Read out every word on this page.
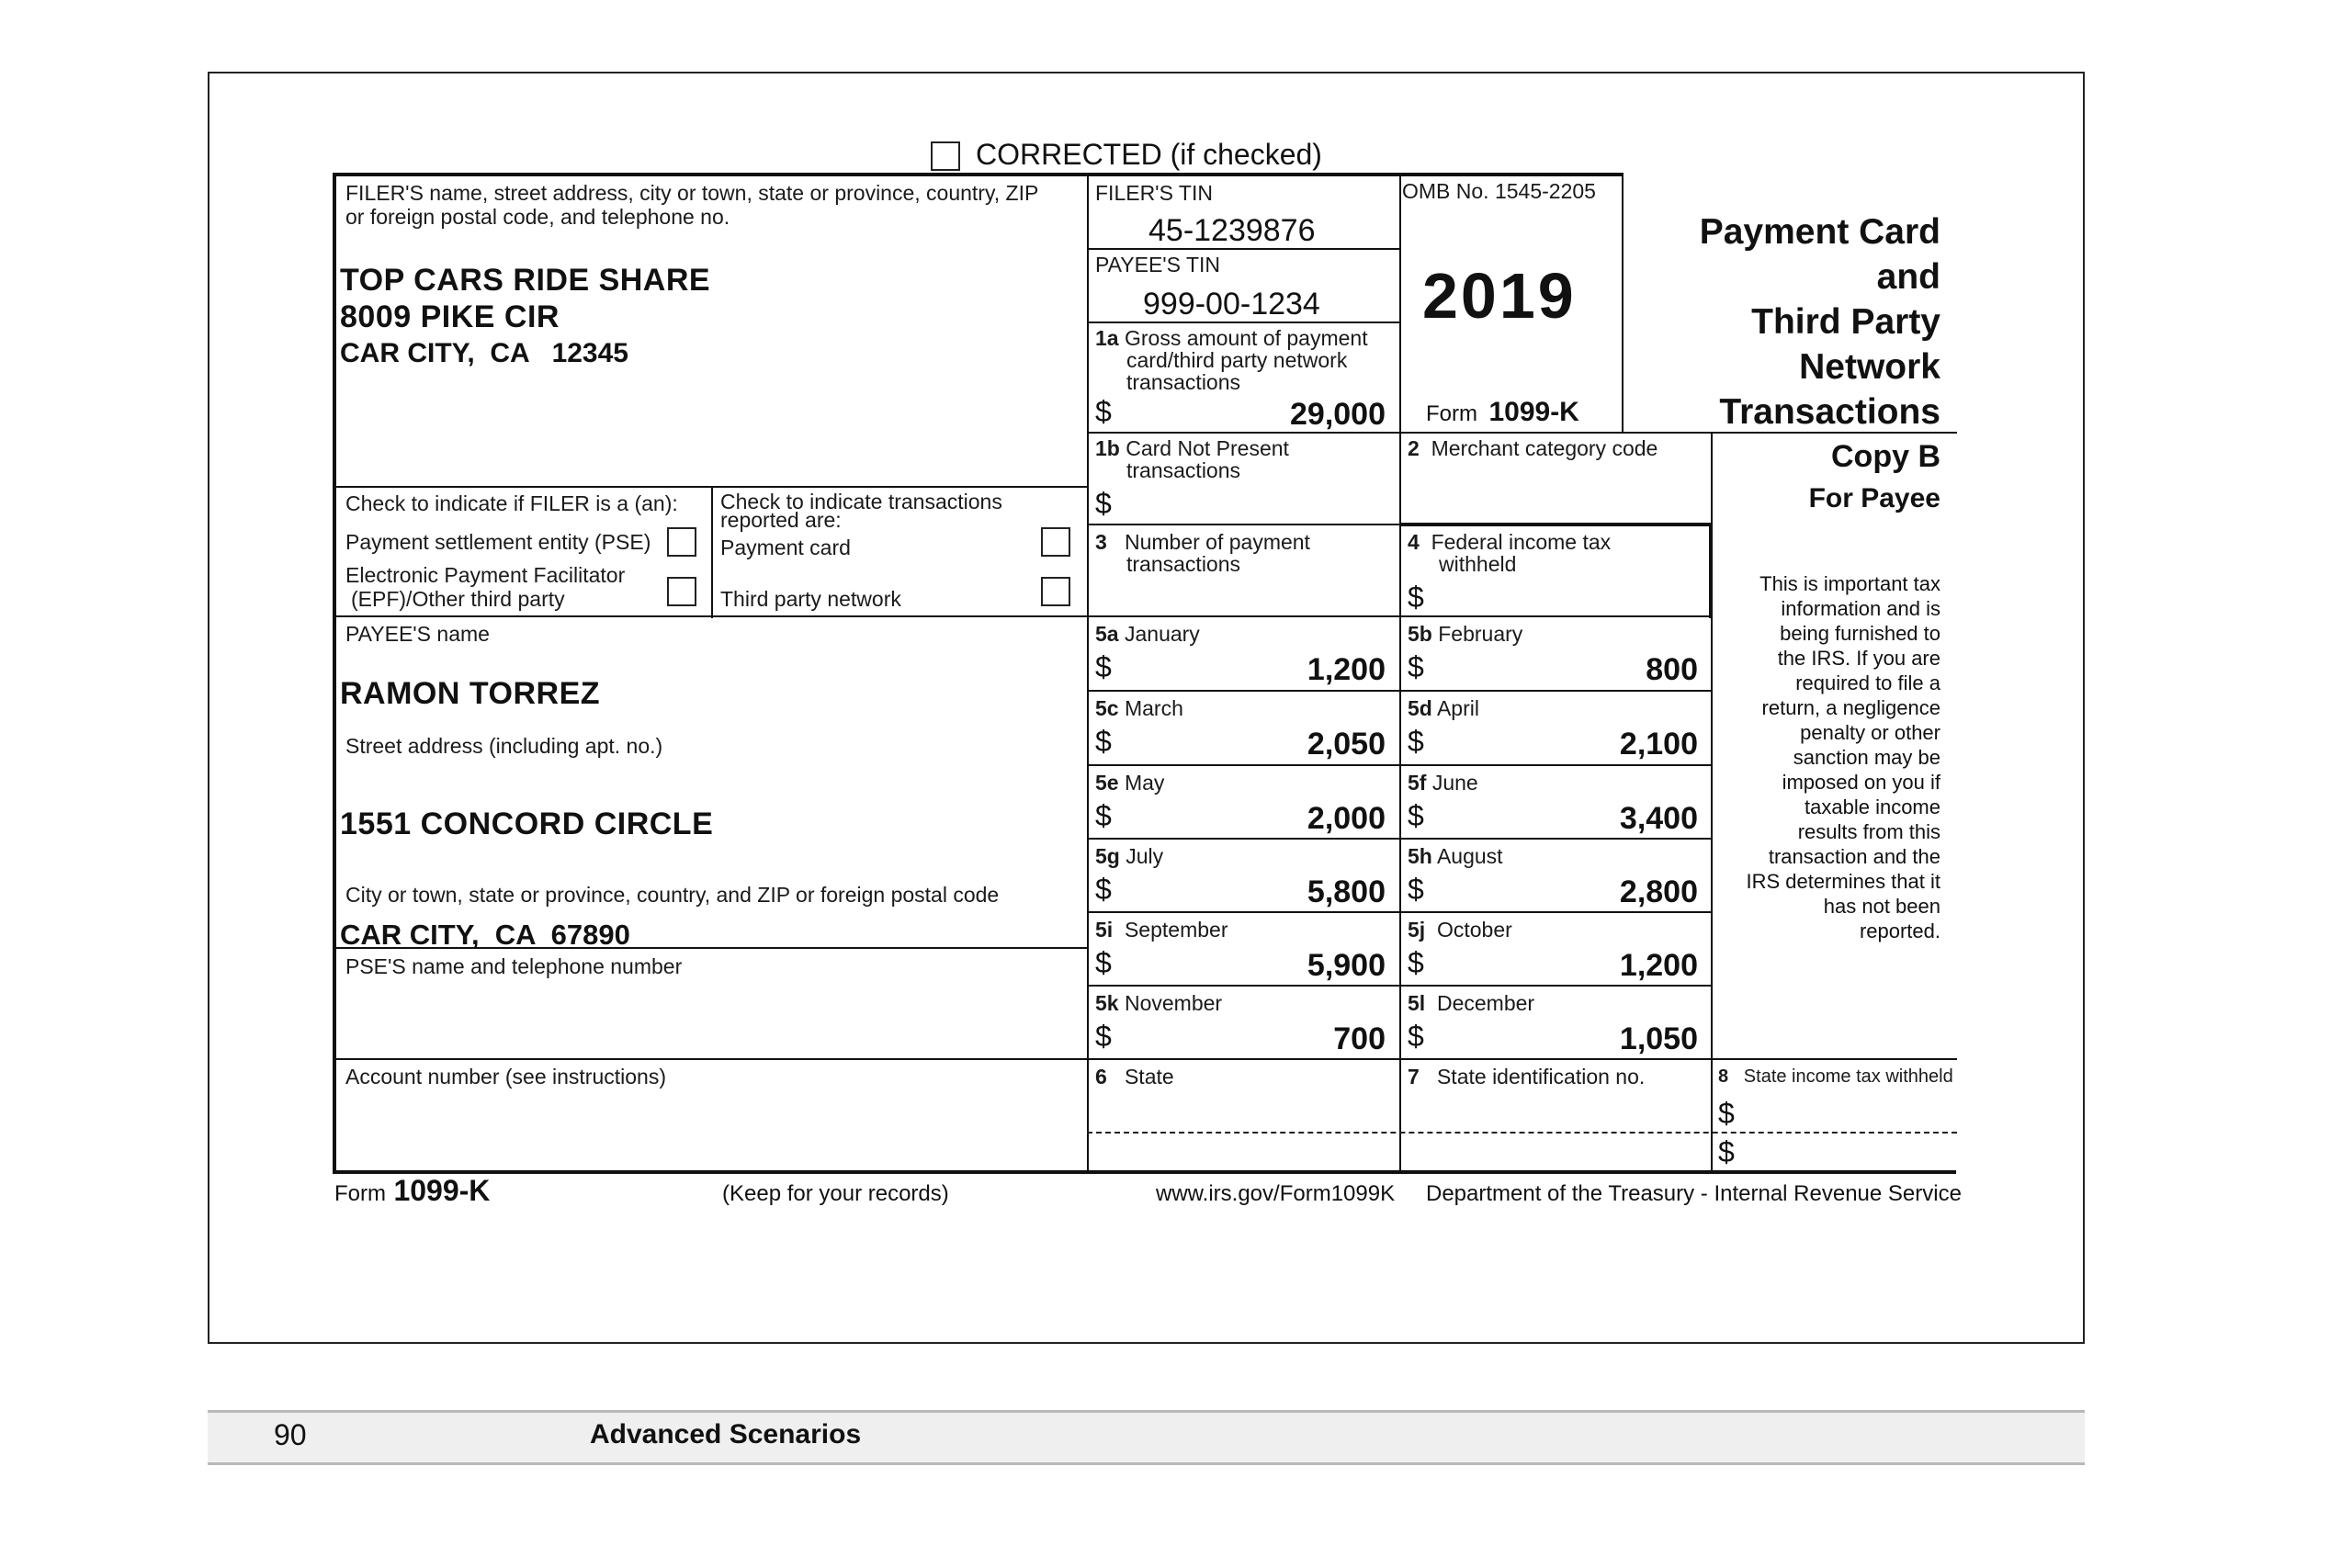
CORRECTED (if checked)
FILER'S name, street address, city or town, state or province, country, ZIP
or foreign postal code, and telephone no.
TOP CARS RIDE SHARE
8009 PIKE CIR
CAR CITY,  CA   12345
FILER'S TIN
45-1239876
PAYEE'S TIN
999-00-1234
1a Gross amount of payment
card/third party network
transactions
$	29,000
OMB No. 1545-2205
2019
Form 1099-K
Payment Card and
Third Party
Network
Transactions
1b Card Not Present
transactions
$
2 Merchant category code	Copy B
For Payee
Check to indicate if FILER is a (an):
Payment settlement entity (PSE)
Electronic Payment Facilitator
(EPF)/Other third party
Check to indicate transactions
reported are:
Payment card
Third party network
3 Number of payment
transactions
4 Federal income tax
withheld
$	This is important tax
information and is
being furnished to
the IRS. If you are
required to file a
return, a negligence
penalty or other
sanction may be
imposed on you if
taxable income
results from this
transaction and the
IRS determines that it
has not been
reported.
PAYEE'S name
RAMON TORREZ
Street address (including apt. no.)
1551 CONCORD CIRCLE
City or town, state or province, country, and ZIP or foreign postal code
CAR CITY,  CA  67890
PSE'S name and telephone number
5a January
$	1,200
5b February
$	800
5c March
$	2,050
5d April
$	2,100
5e May
$	2,000
5f June
$	3,400
5g July
$	5,800
5h August
$	2,800
5i September
$	5,900
5j October
$	1,200
5k November
$	700
5l December
$	1,050
Account number (see instructions)	6 State	7 State identification no.	8 State income tax withheld
$
$
Form 1099-K	(Keep for your records)	www.irs.gov/Form1099K Department of the Treasury - Internal Revenue Service
90	Advanced Scenarios
